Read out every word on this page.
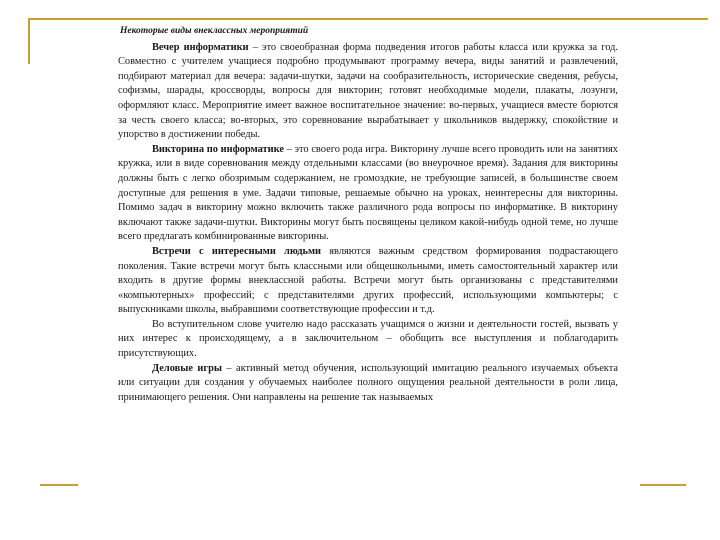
Некоторые виды внеклассных мероприятий

Вечер информатики – это своеобразная форма подведения итогов работы класса или кружка за год. Совместно с учителем учащиеся подробно продумывают программу вечера, виды занятий и развлечений, подбирают материал для вечера: задачи-шутки, задачи на сообразительность, исторические сведения, ребусы, софизмы, шарады, кроссворды, вопросы для викторин; готовят необходимые модели, плакаты, лозунги, оформляют класс. Мероприятие имеет важное воспитательное значение: во-первых, учащиеся вместе борются за честь своего класса; во-вторых, это соревнование вырабатывает у школьников выдержку, спокойствие и упорство в достижении победы.

Викторина по информатике – это своего рода игра. Викторину лучше всего проводить или на занятиях кружка, или в виде соревнования между отдельными классами (во внеурочное время). Задания для викторины должны быть с легко обозримым содержанием, не громоздкие, не требующие записей, в большинстве своем доступные для решения в уме. Задачи типовые, решаемые обычно на уроках, неинтересны для викторины. Помимо задач в викторину можно включить также различного рода вопросы по информатике. В викторину включают также задачи-шутки. Викторины могут быть посвящены целиком какой-нибудь одной теме, но лучше всего предлагать комбинированные викторины.

Встречи с интересными людьми являются важным средством формирования подрастающего поколения. Такие встречи могут быть классными или общешкольными, иметь самостоятельный характер или входить в другие формы внеклассной работы. Встречи могут быть организованы с представителями «компьютерных» профессий; с представителями других профессий, использующими компьютеры; с выпускниками школы, выбравшими соответствующие профессии и т.д.

Во вступительном слове учителю надо рассказать учащимся о жизни и деятельности гостей, вызвать у них интерес к происходящему, а в заключительном – обобщить все выступления и поблагодарить присутствующих.

Деловые игры – активный метод обучения, использующий имитацию реального изучаемых объекта или ситуации для создания у обучаемых наиболее полного ощущения реальной деятельности в роли лица, принимающего решения. Они направлены на решение так называемых
